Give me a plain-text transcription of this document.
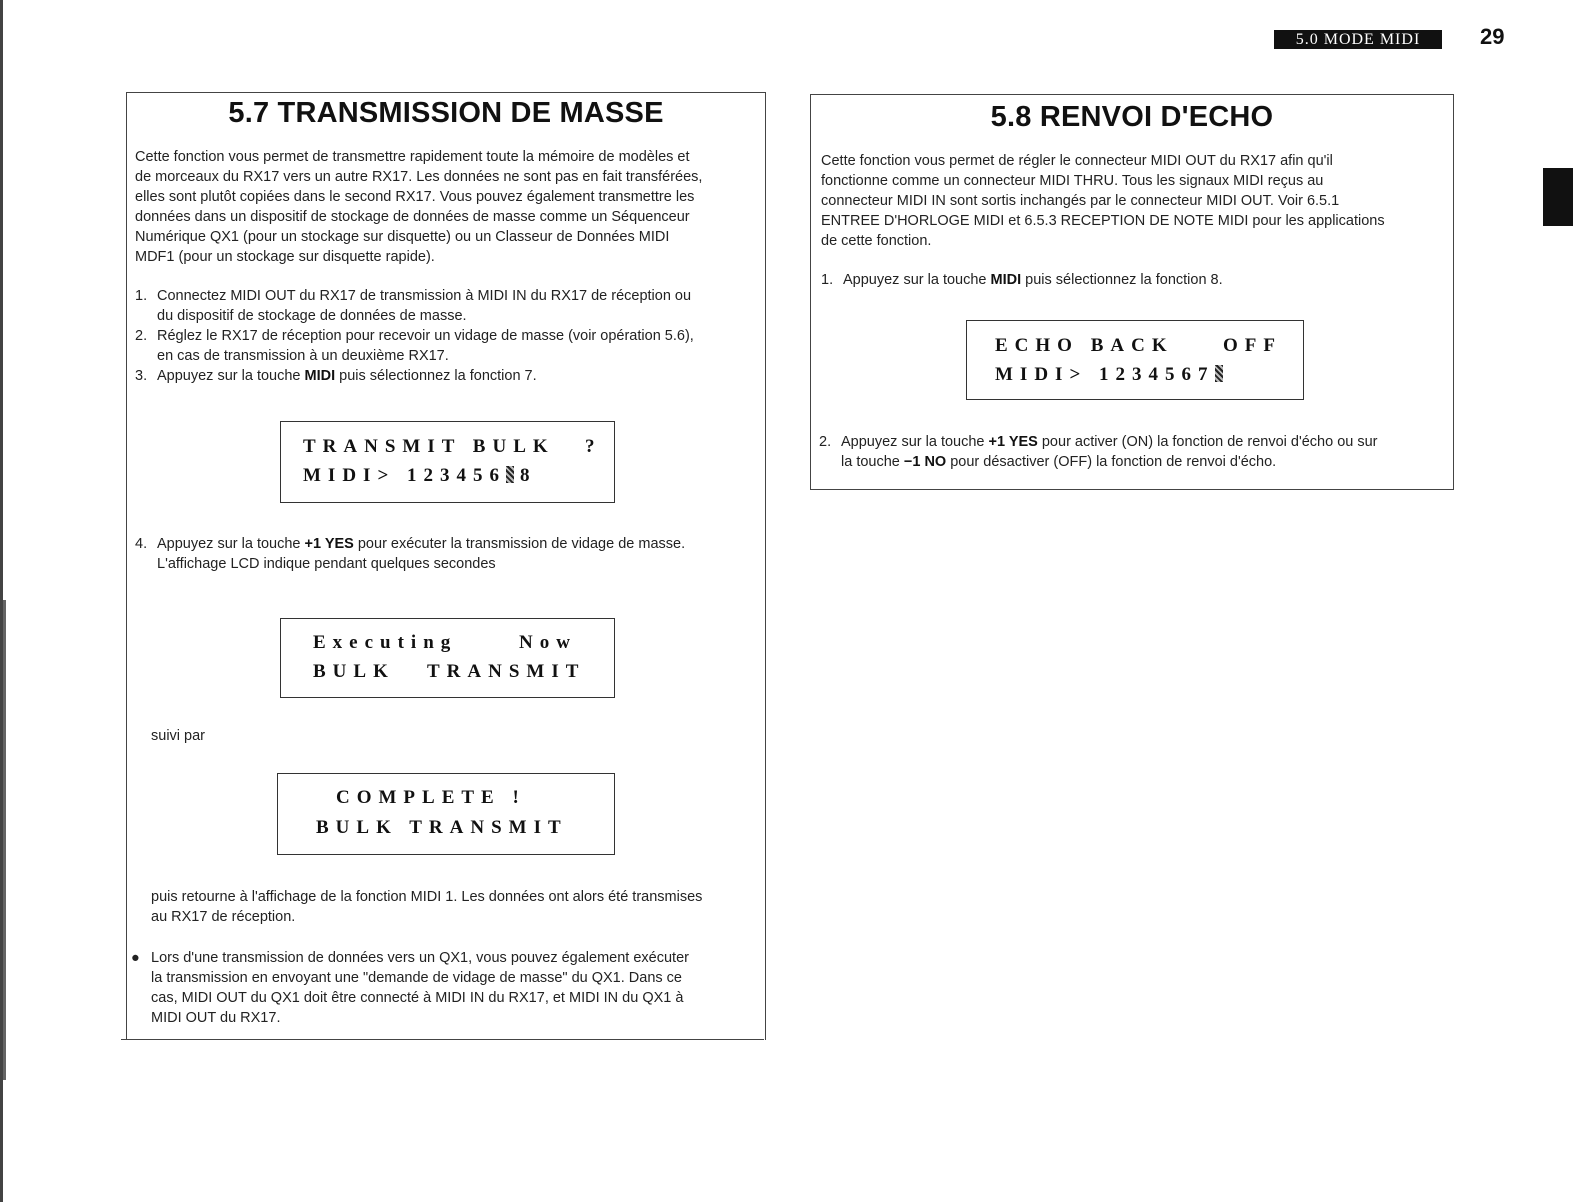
5.0 MODE MIDI	29
5.7 TRANSMISSION DE MASSE
Cette fonction vous permet de transmettre rapidement toute la mémoire de modèles et
de morceaux du RX17 vers un autre RX17. Les données ne sont pas en fait transférées,
elles sont plutôt copiées dans le second RX17. Vous pouvez également transmettre les
données dans un dispositif de stockage de données de masse comme un Séquenceur
Numérique QX1 (pour un stockage sur disquette) ou un Classeur de Données MIDI
MDF1 (pour un stockage sur disquette rapide).
1. Connectez MIDI OUT du RX17 de transmission à MIDI IN du RX17 de réception ou
du dispositif de stockage de données de masse.
2. Réglez le RX17 de réception pour recevoir un vidage de masse (voir opération 5.6),
en cas de transmission à un deuxième RX17.
3. Appuyez sur la touche MIDI puis sélectionnez la fonction 7.
TRANSMIT BULK ?
MIDI> 123456 8
4. Appuyez sur la touche +1 YES pour exécuter la transmission de vidage de masse.
L'affichage LCD indique pendant quelques secondes
Executing	Now
BULK TRANSMIT
suivi par
COMPLETE !
BULK TRANSMIT
puis retourne à l'affichage de la fonction MIDI 1. Les données ont alors été transmises
au RX17 de réception.
● Lors d'une transmission de données vers un QX1, vous pouvez également exécuter
la transmission en envoyant une "demande de vidage de masse" du QX1. Dans ce
cas, MIDI OUT du QX1 doit être connecté à MIDI IN du RX17, et MIDI IN du QX1 à
MIDI OUT du RX17.
5.8 RENVOI D'ECHO
Cette fonction vous permet de régler le connecteur MIDI OUT du RX17 afin qu'il
fonctionne comme un connecteur MIDI THRU. Tous les signaux MIDI reçus au
connecteur MIDI IN sont sortis inchangés par le connecteur MIDI OUT. Voir 6.5.1
ENTREE D'HORLOGE MIDI et 6.5.3 RECEPTION DE NOTE MIDI pour les applications
de cette fonction.
1. Appuyez sur la touche MIDI puis sélectionnez la fonction 8.
ECHO BACK	OFF
MIDI> 1234567
2. Appuyez sur la touche +1 YES pour activer (ON) la fonction de renvoi d'écho ou sur
la touche −1 NO pour désactiver (OFF) la fonction de renvoi d'écho.
